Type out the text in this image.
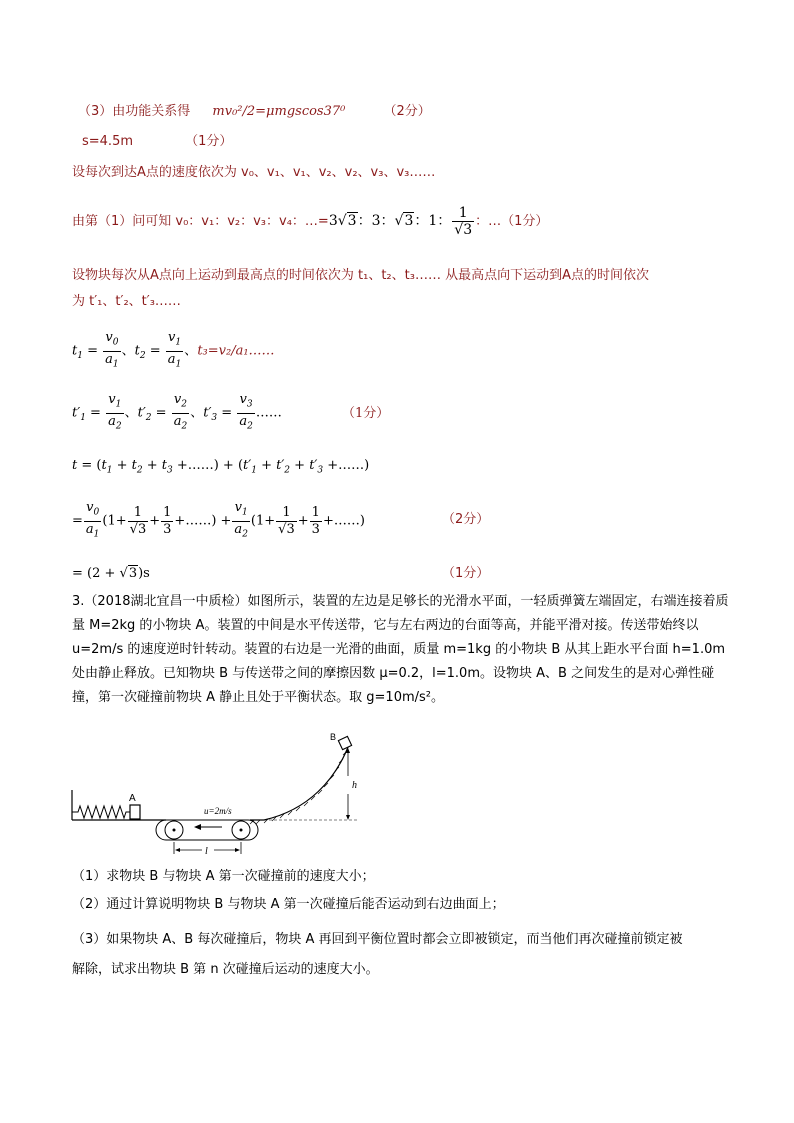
（3）由功能关系得 mv₀²/2=μmgscos37⁰	（2分）
s=4.5m	（1分）
设每次到达A点的速度依次为 v₀、v₁、v₁、v₂、v₂、v₃、v₃……
由第（1）问可知 v₀：v₁：v₂：v₃：v₄：…=3√3：3：√3：1： $\frac{1}{√3}$ ：…（1分）
设物块每次从A点向上运动到最高点的时间依次为 t₁、t₂、t₃…… 从最高点向下运动到A点的时间依次
为 t′₁、t′₂、t′₃……
$t_1 = \frac{v_0}{a_1}$ 、$t_2 = \frac{v_1}{a_1}$ 、t₃=v₂/a₁……
$t'_1 = \frac{v_1}{a_2}$ 、$t'_2 = \frac{v_2}{a_2}$ 、$t'_3 = \frac{v_3}{a_2}$ ……	（1分）
$t = (t_1 + t_2 + t_3$ +……) + ($t'_1 + t'_2 + t'_3$ +……)
= $\frac{v_0}{a_1} (1+ \frac{1}{√3} + \frac{1}{3}$ +……) + $\frac{v_1}{a_2} (1+ \frac{1}{√3} + \frac{1}{3}$ +……)	（2分）
= (2 + √3)s	（1分）
3.（2018湖北宜昌一中质检）如图所示，装置的左边是足够长的光滑水平面，一轻质弹簧左端固定，右端连接着质量 M=2kg 的小物块 A。装置的中间是水平传送带，它与左右两边的台面等高，并能平滑对接。传送带始终以 u=2m/s 的速度逆时针转动。装置的右边是一光滑的曲面，质量 m=1kg 的小物块 B 从其上距水平台面 h=1.0m 处由静止释放。已知物块 B 与传送带之间的摩擦因数 μ=0.2，l=1.0m。设物块 A、B 之间发生的是对心弹性碰撞，第一次碰撞前物块 A 静止且处于平衡状态。取 g=10m/s²。
A
u=2m/s
l
B
h
（1）求物块 B 与物块 A 第一次碰撞前的速度大小；
（2）通过计算说明物块 B 与物块 A 第一次碰撞后能否运动到右边曲面上；
（3）如果物块 A、B 每次碰撞后，物块 A 再回到平衡位置时都会立即被锁定，而当他们再次碰撞前锁定被
解除，试求出物块 B 第 n 次碰撞后运动的速度大小。
